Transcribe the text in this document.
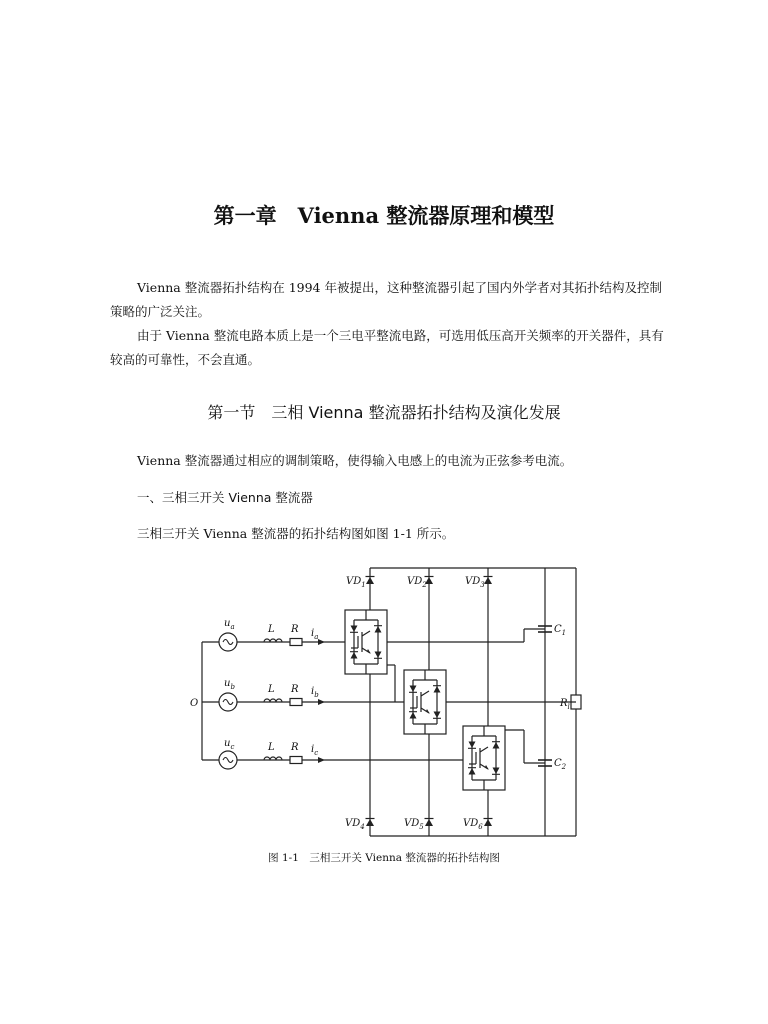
第一章　Vienna 整流器原理和模型

Vienna 整流器拓扑结构在 1994 年被提出，这种整流器引起了国内外学者对其拓扑结构及控制策略的广泛关注。

由于 Vienna 整流电路本质上是一个三电平整流电路，可选用低压高开关频率的开关器件，具有较高的可靠性，不会直通。

第一节　三相 Vienna 整流器拓扑结构及演化发展

Vienna 整流器通过相应的调制策略，使得输入电感上的电流为正弦参考电流。

一、三相三开关 Vienna 整流器

三相三开关 Vienna 整流器的拓扑结构图如图 1-1 所示。

O
$u_a$
$u_b$
$u_c$
L
L
L
R
R
R
$i_a$
$i_b$
$i_c$
$VD_1$	$VD_2$	$VD_3$
$VD_4$	$VD_5$	$VD_6$
$C_1$
$C_2$
$R_l$
图 1-1　三相三开关 Vienna 整流器的拓扑结构图
